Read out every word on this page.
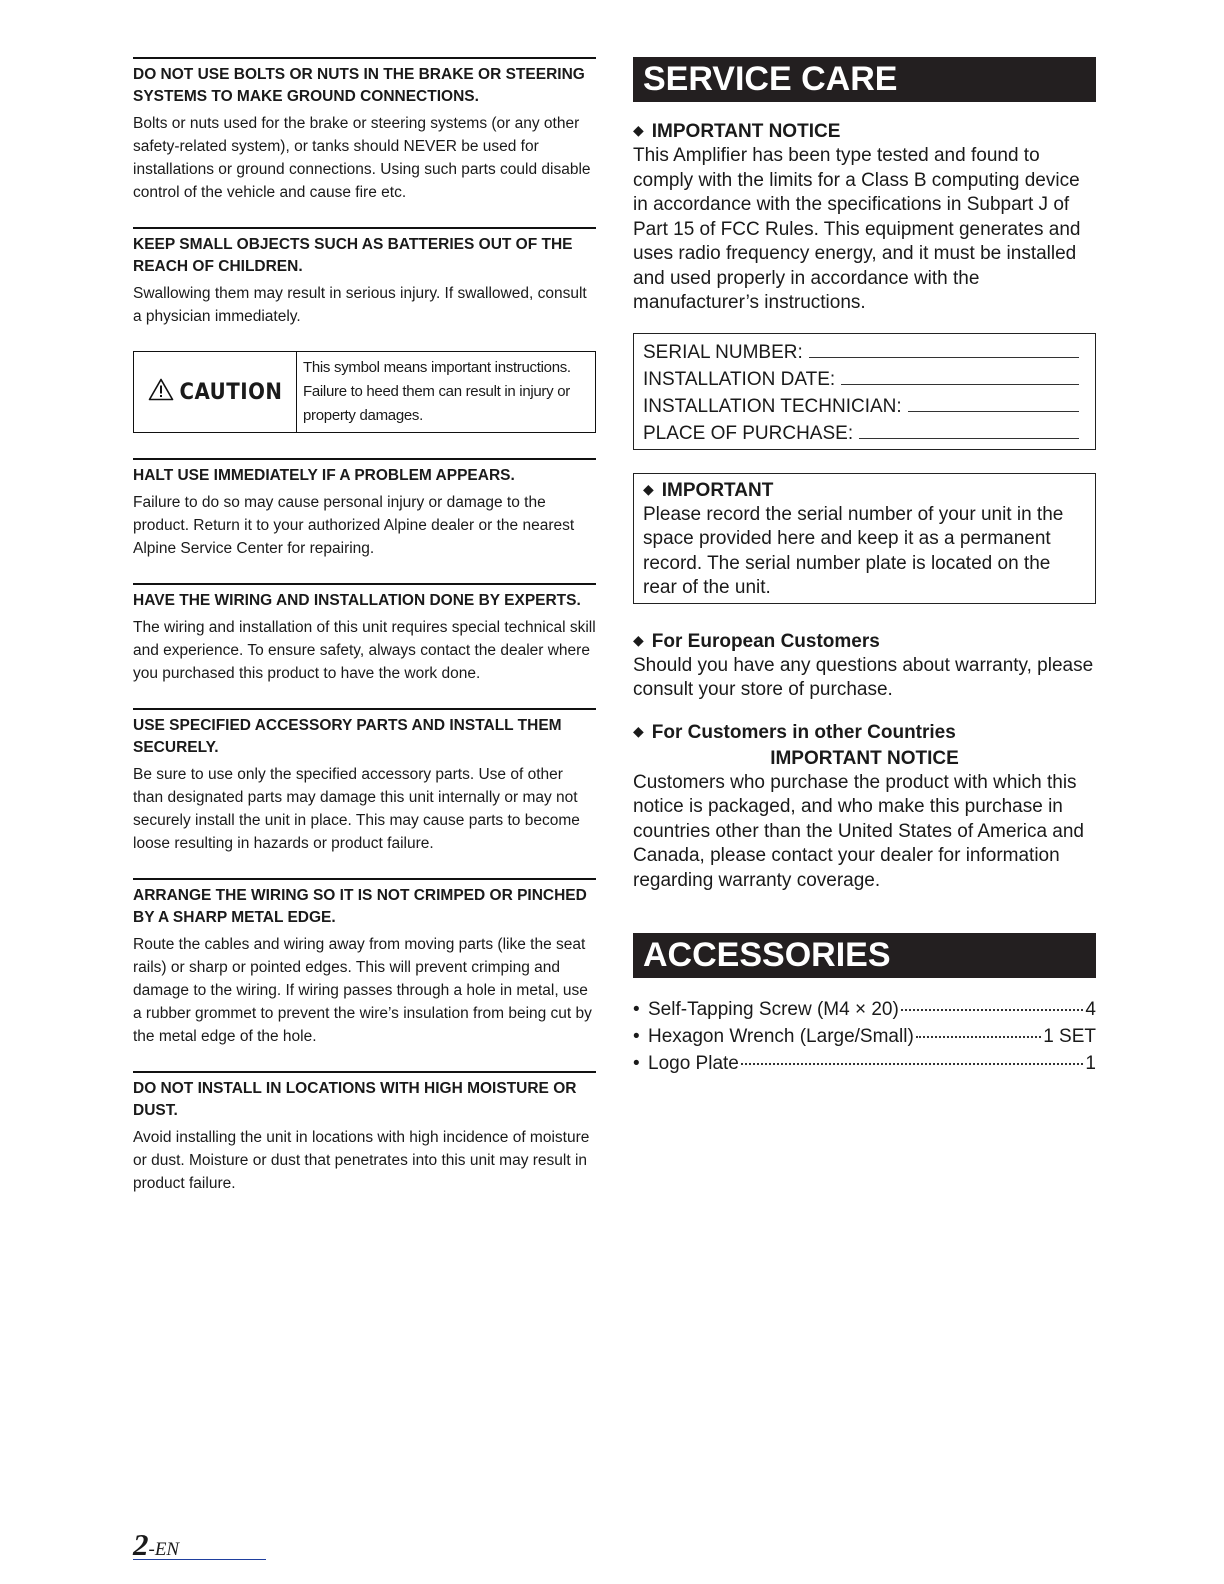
DO NOT USE BOLTS OR NUTS IN THE BRAKE OR STEERING SYSTEMS TO MAKE GROUND CONNECTIONS.

Bolts or nuts used for the brake or steering systems (or any other safety-related system), or tanks should NEVER be used for installations or ground connections. Using such parts could disable control of the vehicle and cause fire etc.

KEEP SMALL OBJECTS SUCH AS BATTERIES OUT OF THE REACH OF CHILDREN.

Swallowing them may result in serious injury. If swallowed, consult a physician immediately.

CAUTION
This symbol means important instructions. Failure to heed them can result in injury or property damages.

HALT USE IMMEDIATELY IF A PROBLEM APPEARS.

Failure to do so may cause personal injury or damage to the product. Return it to your authorized Alpine dealer or the nearest Alpine Service Center for repairing.

HAVE THE WIRING AND INSTALLATION DONE BY EXPERTS.

The wiring and installation of this unit requires special technical skill and experience. To ensure safety, always contact the dealer where you purchased this product to have the work done.

USE SPECIFIED ACCESSORY PARTS AND INSTALL THEM SECURELY.

Be sure to use only the specified accessory parts. Use of other than designated parts may damage this unit internally or may not securely install the unit in place. This may cause parts to become loose resulting in hazards or product failure.

ARRANGE THE WIRING SO IT IS NOT CRIMPED OR PINCHED BY A SHARP METAL EDGE.

Route the cables and wiring away from moving parts (like the seat rails) or sharp or pointed edges. This will prevent crimping and damage to the wiring. If wiring passes through a hole in metal, use a rubber grommet to prevent the wire’s insulation from being cut by the metal edge of the hole.

DO NOT INSTALL IN LOCATIONS WITH HIGH MOISTURE OR DUST.

Avoid installing the unit in locations with high incidence of moisture or dust. Moisture or dust that penetrates into this unit may result in product failure.

SERVICE CARE

◆ IMPORTANT NOTICE

This Amplifier has been type tested and found to comply with the limits for a Class B computing device in accordance with the specifications in Subpart J of Part 15 of FCC Rules. This equipment generates and uses radio frequency energy, and it must be installed and used properly in accordance with the manufacturer’s instructions.

SERIAL NUMBER:
INSTALLATION DATE:
INSTALLATION TECHNICIAN:
PLACE OF PURCHASE:

◆ IMPORTANT

Please record the serial number of your unit in the space provided here and keep it as a permanent record. The serial number plate is located on the rear of the unit.

◆ For European Customers

Should you have any questions about warranty, please consult your store of purchase.

◆ For Customers in other Countries

IMPORTANT NOTICE

Customers who purchase the product with which this notice is packaged, and who make this purchase in countries other than the United States of America and Canada, please contact your dealer for information regarding warranty coverage.

ACCESSORIES
• Self-Tapping Screw (M4 × 20)	4
• Hexagon Wrench (Large/Small)	1 SET
• Logo Plate	1
2-EN
